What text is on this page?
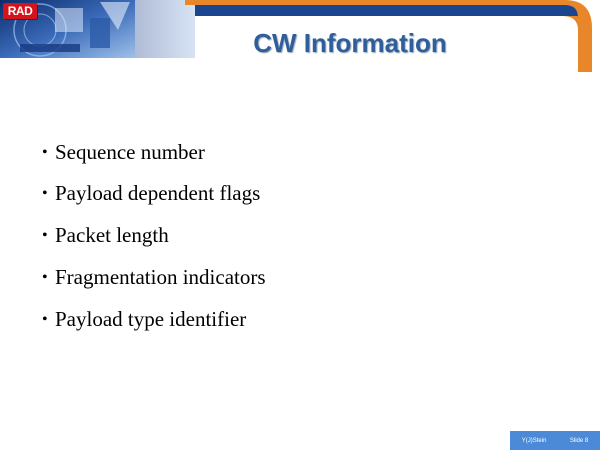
RAD
CW Information
• Sequence number
• Payload dependent flags
• Packet length
• Fragmentation indicators
• Payload type identifier
Y(J)Stein	Slide 8
